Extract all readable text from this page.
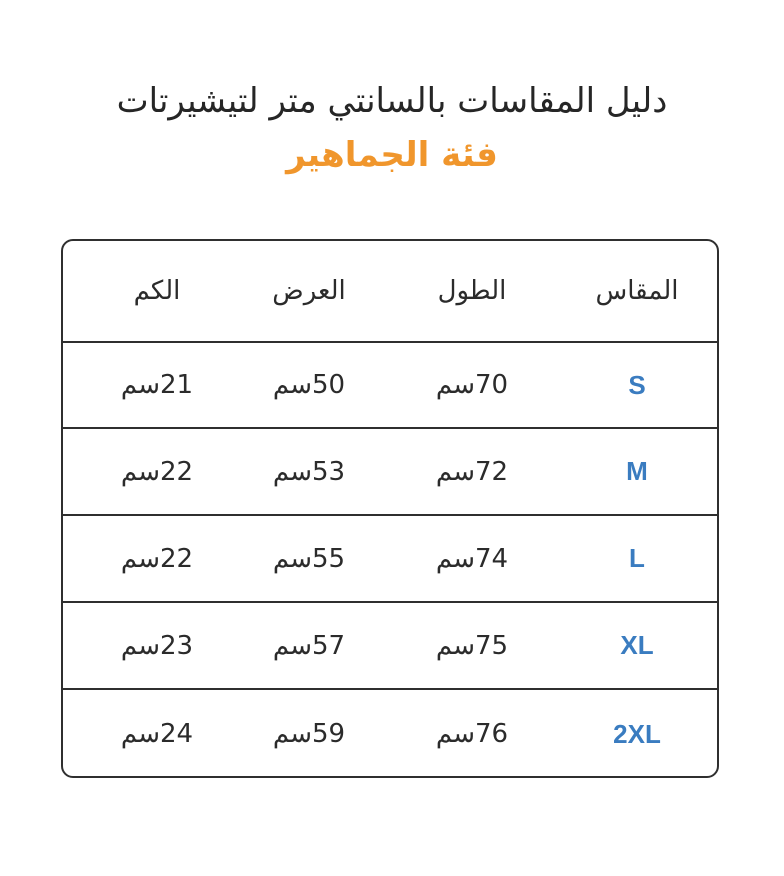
دليل المقاسات بالسانتي متر لتيشيرتات
فئة الجماهير
المقاس
الطول
العرض
الكم
S
70سم
50سم
21سم
M
72سم
53سم
22سم
L
74سم
55سم
22سم
XL
75سم
57سم
23سم
2XL
76سم
59سم
24سم
